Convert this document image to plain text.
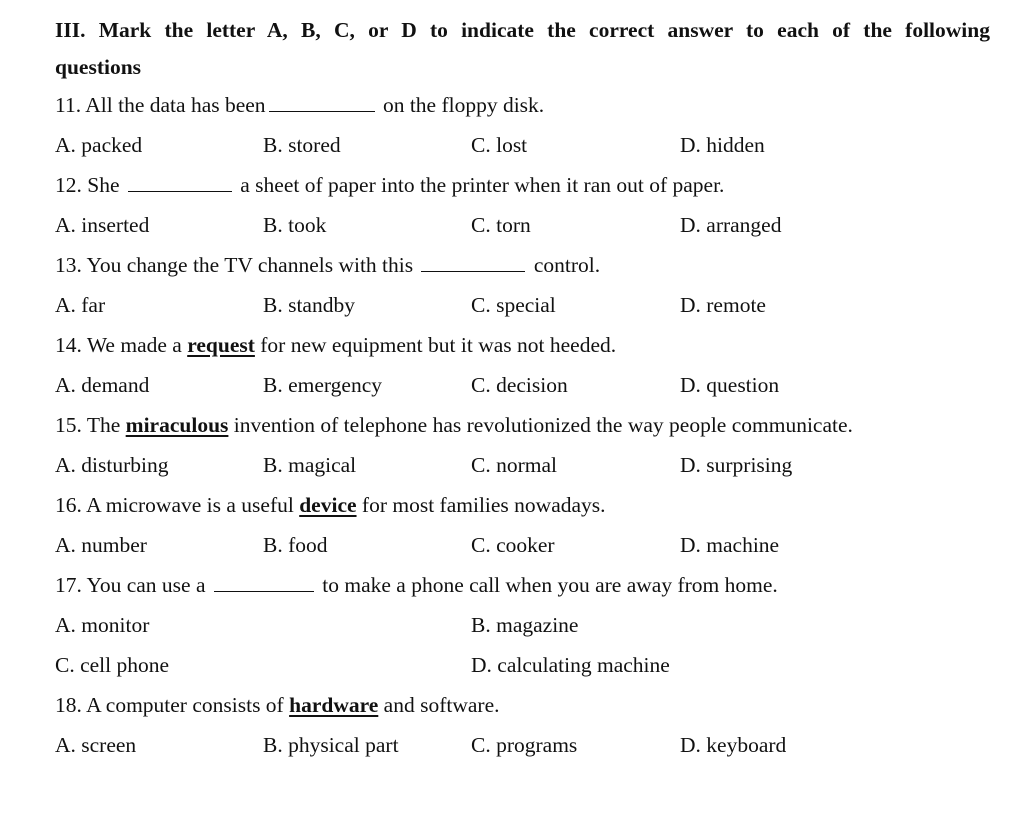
III. Mark the letter A, B, C, or D to indicate the correct answer to each of the following
questions
11. All the data has been	on the floppy disk.
A. packed	B. stored	C. lost	D. hidden
12. She	a sheet of paper into the printer when it ran out of paper.
A. inserted	B. took	C. torn	D. arranged
13. You change the TV channels with this	control.
A. far	B. standby	C. special	D. remote
14. We made a request for new equipment but it was not heeded.
A. demand	B. emergency	C. decision	D. question
15. The miraculous invention of telephone has revolutionized the way people communicate.
A. disturbing	B. magical	C. normal	D. surprising
16. A microwave is a useful device for most families nowadays.
A. number	B. food	C. cooker	D. machine
17. You can use a	to make a phone call when you are away from home.
A. monitor	B. magazine
C. cell phone	D. calculating machine
18. A computer consists of hardware and software.
A. screen	B. physical part	C. programs	D. keyboard
